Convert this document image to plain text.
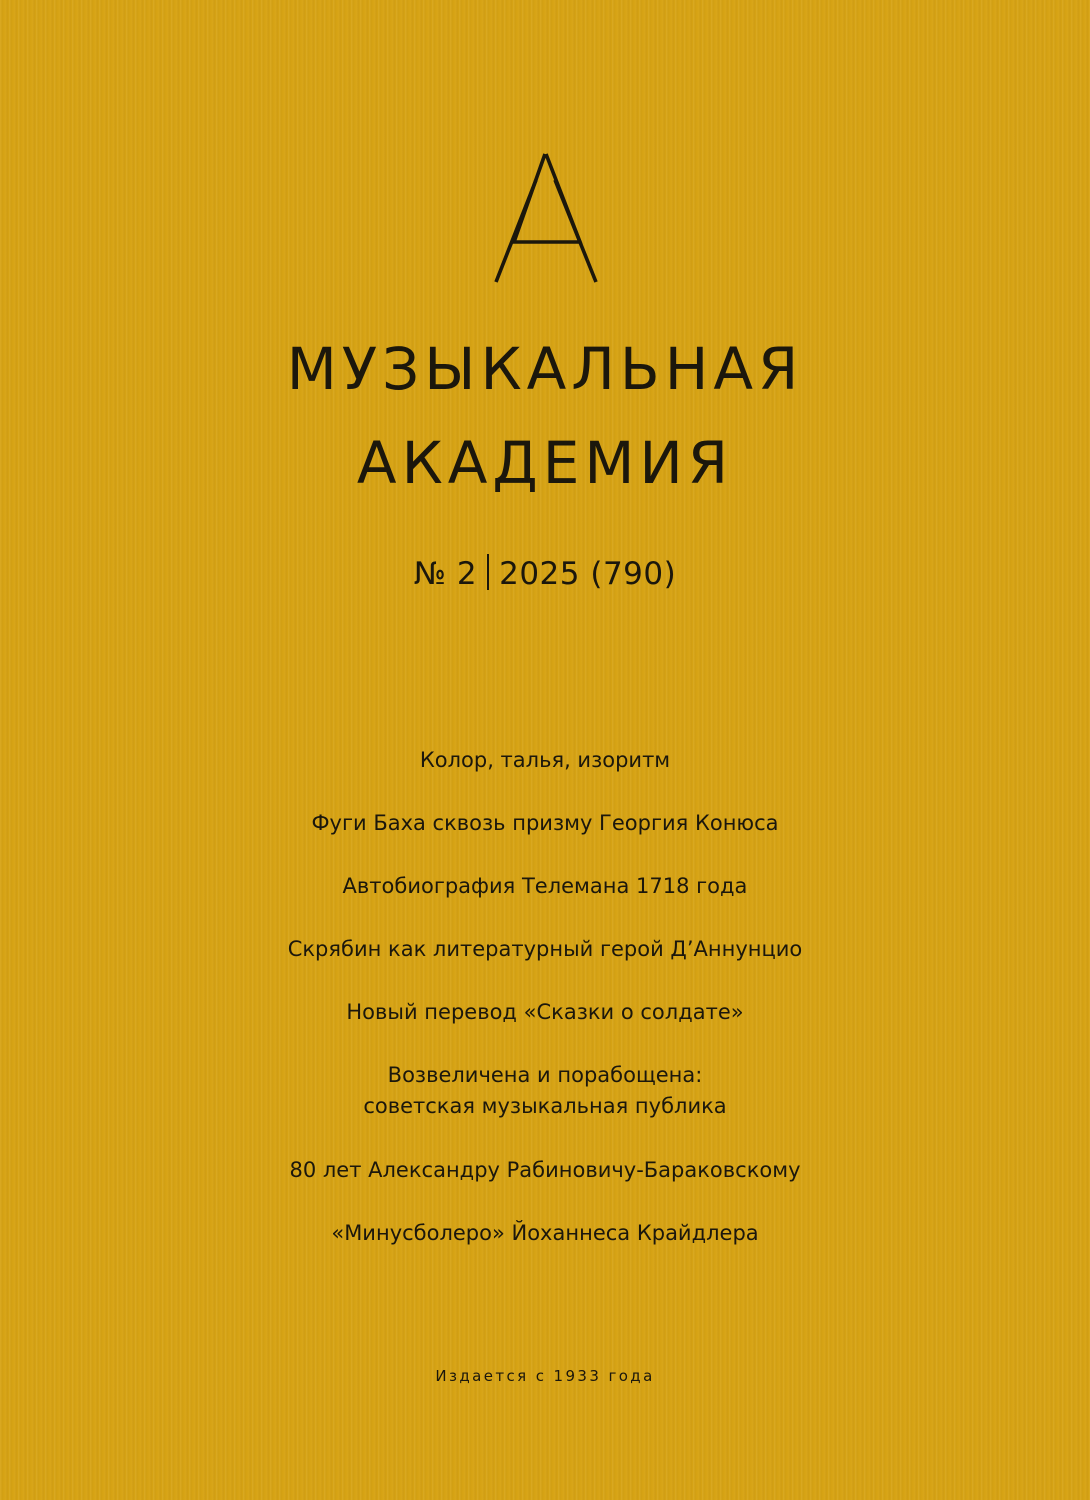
МУЗЫКАЛЬНАЯ
АКАДЕМИЯ
№ 2 2025 (790)
Колор, талья, изоритм
Фуги Баха сквозь призму Георгия Конюса
Автобиография Телемана 1718 года
Скрябин как литературный герой Д’Аннунцио
Новый перевод «Сказки о солдате»
Возвеличена и порабощена:
советская музыкальная публика
80 лет Александру Рабиновичу-Бараковскому
«Минусболеро» Йоханнеса Крайдлера
Издается с 1933 года
